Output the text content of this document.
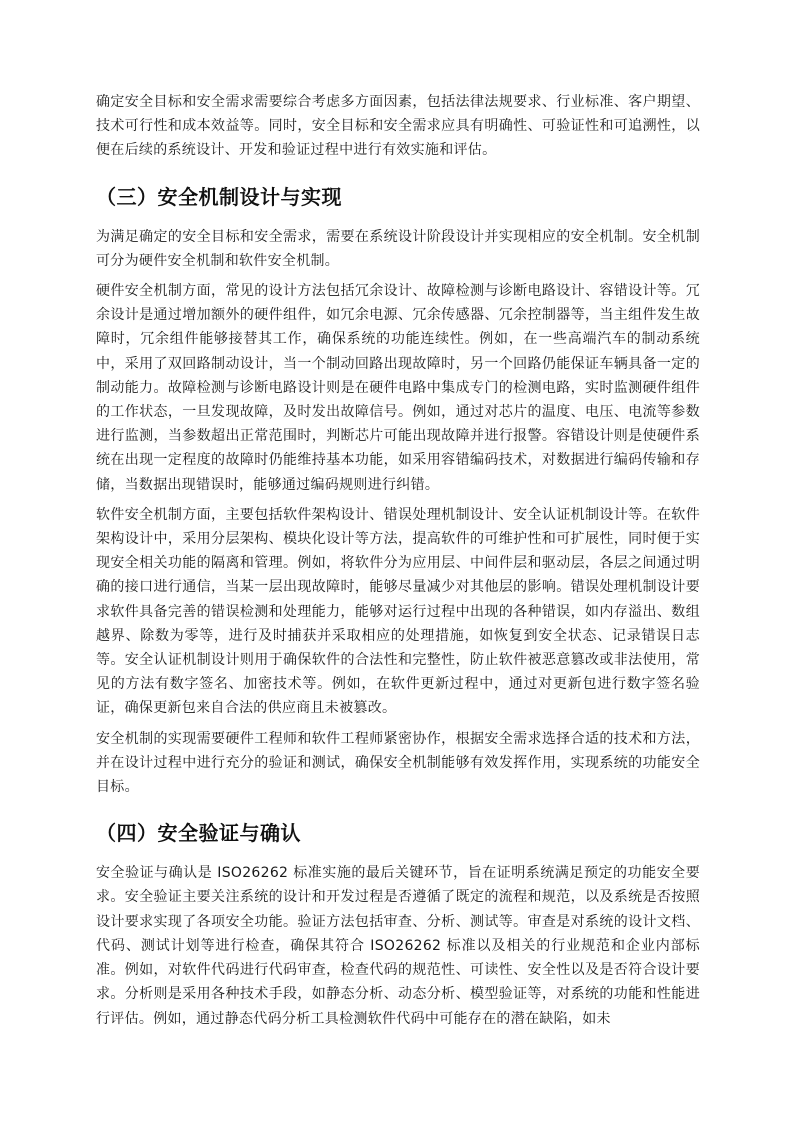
确定安全目标和安全需求需要综合考虑多方面因素，包括法律法规要求、行业标准、客户期望、技术可行性和成本效益等。同时，安全目标和安全需求应具有明确性、可验证性和可追溯性，以便在后续的系统设计、开发和验证过程中进行有效实施和评估。

（三）安全机制设计与实现

为满足确定的安全目标和安全需求，需要在系统设计阶段设计并实现相应的安全机制。安全机制可分为硬件安全机制和软件安全机制。

硬件安全机制方面，常见的设计方法包括冗余设计、故障检测与诊断电路设计、容错设计等。冗余设计是通过增加额外的硬件组件，如冗余电源、冗余传感器、冗余控制器等，当主组件发生故障时，冗余组件能够接替其工作，确保系统的功能连续性。例如，在一些高端汽车的制动系统中，采用了双回路制动设计，当一个制动回路出现故障时，另一个回路仍能保证车辆具备一定的制动能力。故障检测与诊断电路设计则是在硬件电路中集成专门的检测电路，实时监测硬件组件的工作状态，一旦发现故障，及时发出故障信号。例如，通过对芯片的温度、电压、电流等参数进行监测，当参数超出正常范围时，判断芯片可能出现故障并进行报警。容错设计则是使硬件系统在出现一定程度的故障时仍能维持基本功能，如采用容错编码技术，对数据进行编码传输和存储，当数据出现错误时，能够通过编码规则进行纠错。

软件安全机制方面，主要包括软件架构设计、错误处理机制设计、安全认证机制设计等。在软件架构设计中，采用分层架构、模块化设计等方法，提高软件的可维护性和可扩展性，同时便于实现安全相关功能的隔离和管理。例如，将软件分为应用层、中间件层和驱动层，各层之间通过明确的接口进行通信，当某一层出现故障时，能够尽量减少对其他层的影响。错误处理机制设计要求软件具备完善的错误检测和处理能力，能够对运行过程中出现的各种错误，如内存溢出、数组越界、除数为零等，进行及时捕获并采取相应的处理措施，如恢复到安全状态、记录错误日志等。安全认证机制设计则用于确保软件的合法性和完整性，防止软件被恶意篡改或非法使用，常见的方法有数字签名、加密技术等。例如，在软件更新过程中，通过对更新包进行数字签名验证，确保更新包来自合法的供应商且未被篡改。

安全机制的实现需要硬件工程师和软件工程师紧密协作，根据安全需求选择合适的技术和方法，并在设计过程中进行充分的验证和测试，确保安全机制能够有效发挥作用，实现系统的功能安全目标。

（四）安全验证与确认

安全验证与确认是 ISO26262 标准实施的最后关键环节，旨在证明系统满足预定的功能安全要求。安全验证主要关注系统的设计和开发过程是否遵循了既定的流程和规范，以及系统是否按照设计要求实现了各项安全功能。验证方法包括审查、分析、测试等。审查是对系统的设计文档、代码、测试计划等进行检查，确保其符合 ISO26262 标准以及相关的行业规范和企业内部标准。例如，对软件代码进行代码审查，检查代码的规范性、可读性、安全性以及是否符合设计要求。分析则是采用各种技术手段，如静态分析、动态分析、模型验证等，对系统的功能和性能进行评估。例如，通过静态代码分析工具检测软件代码中可能存在的潜在缺陷，如未
